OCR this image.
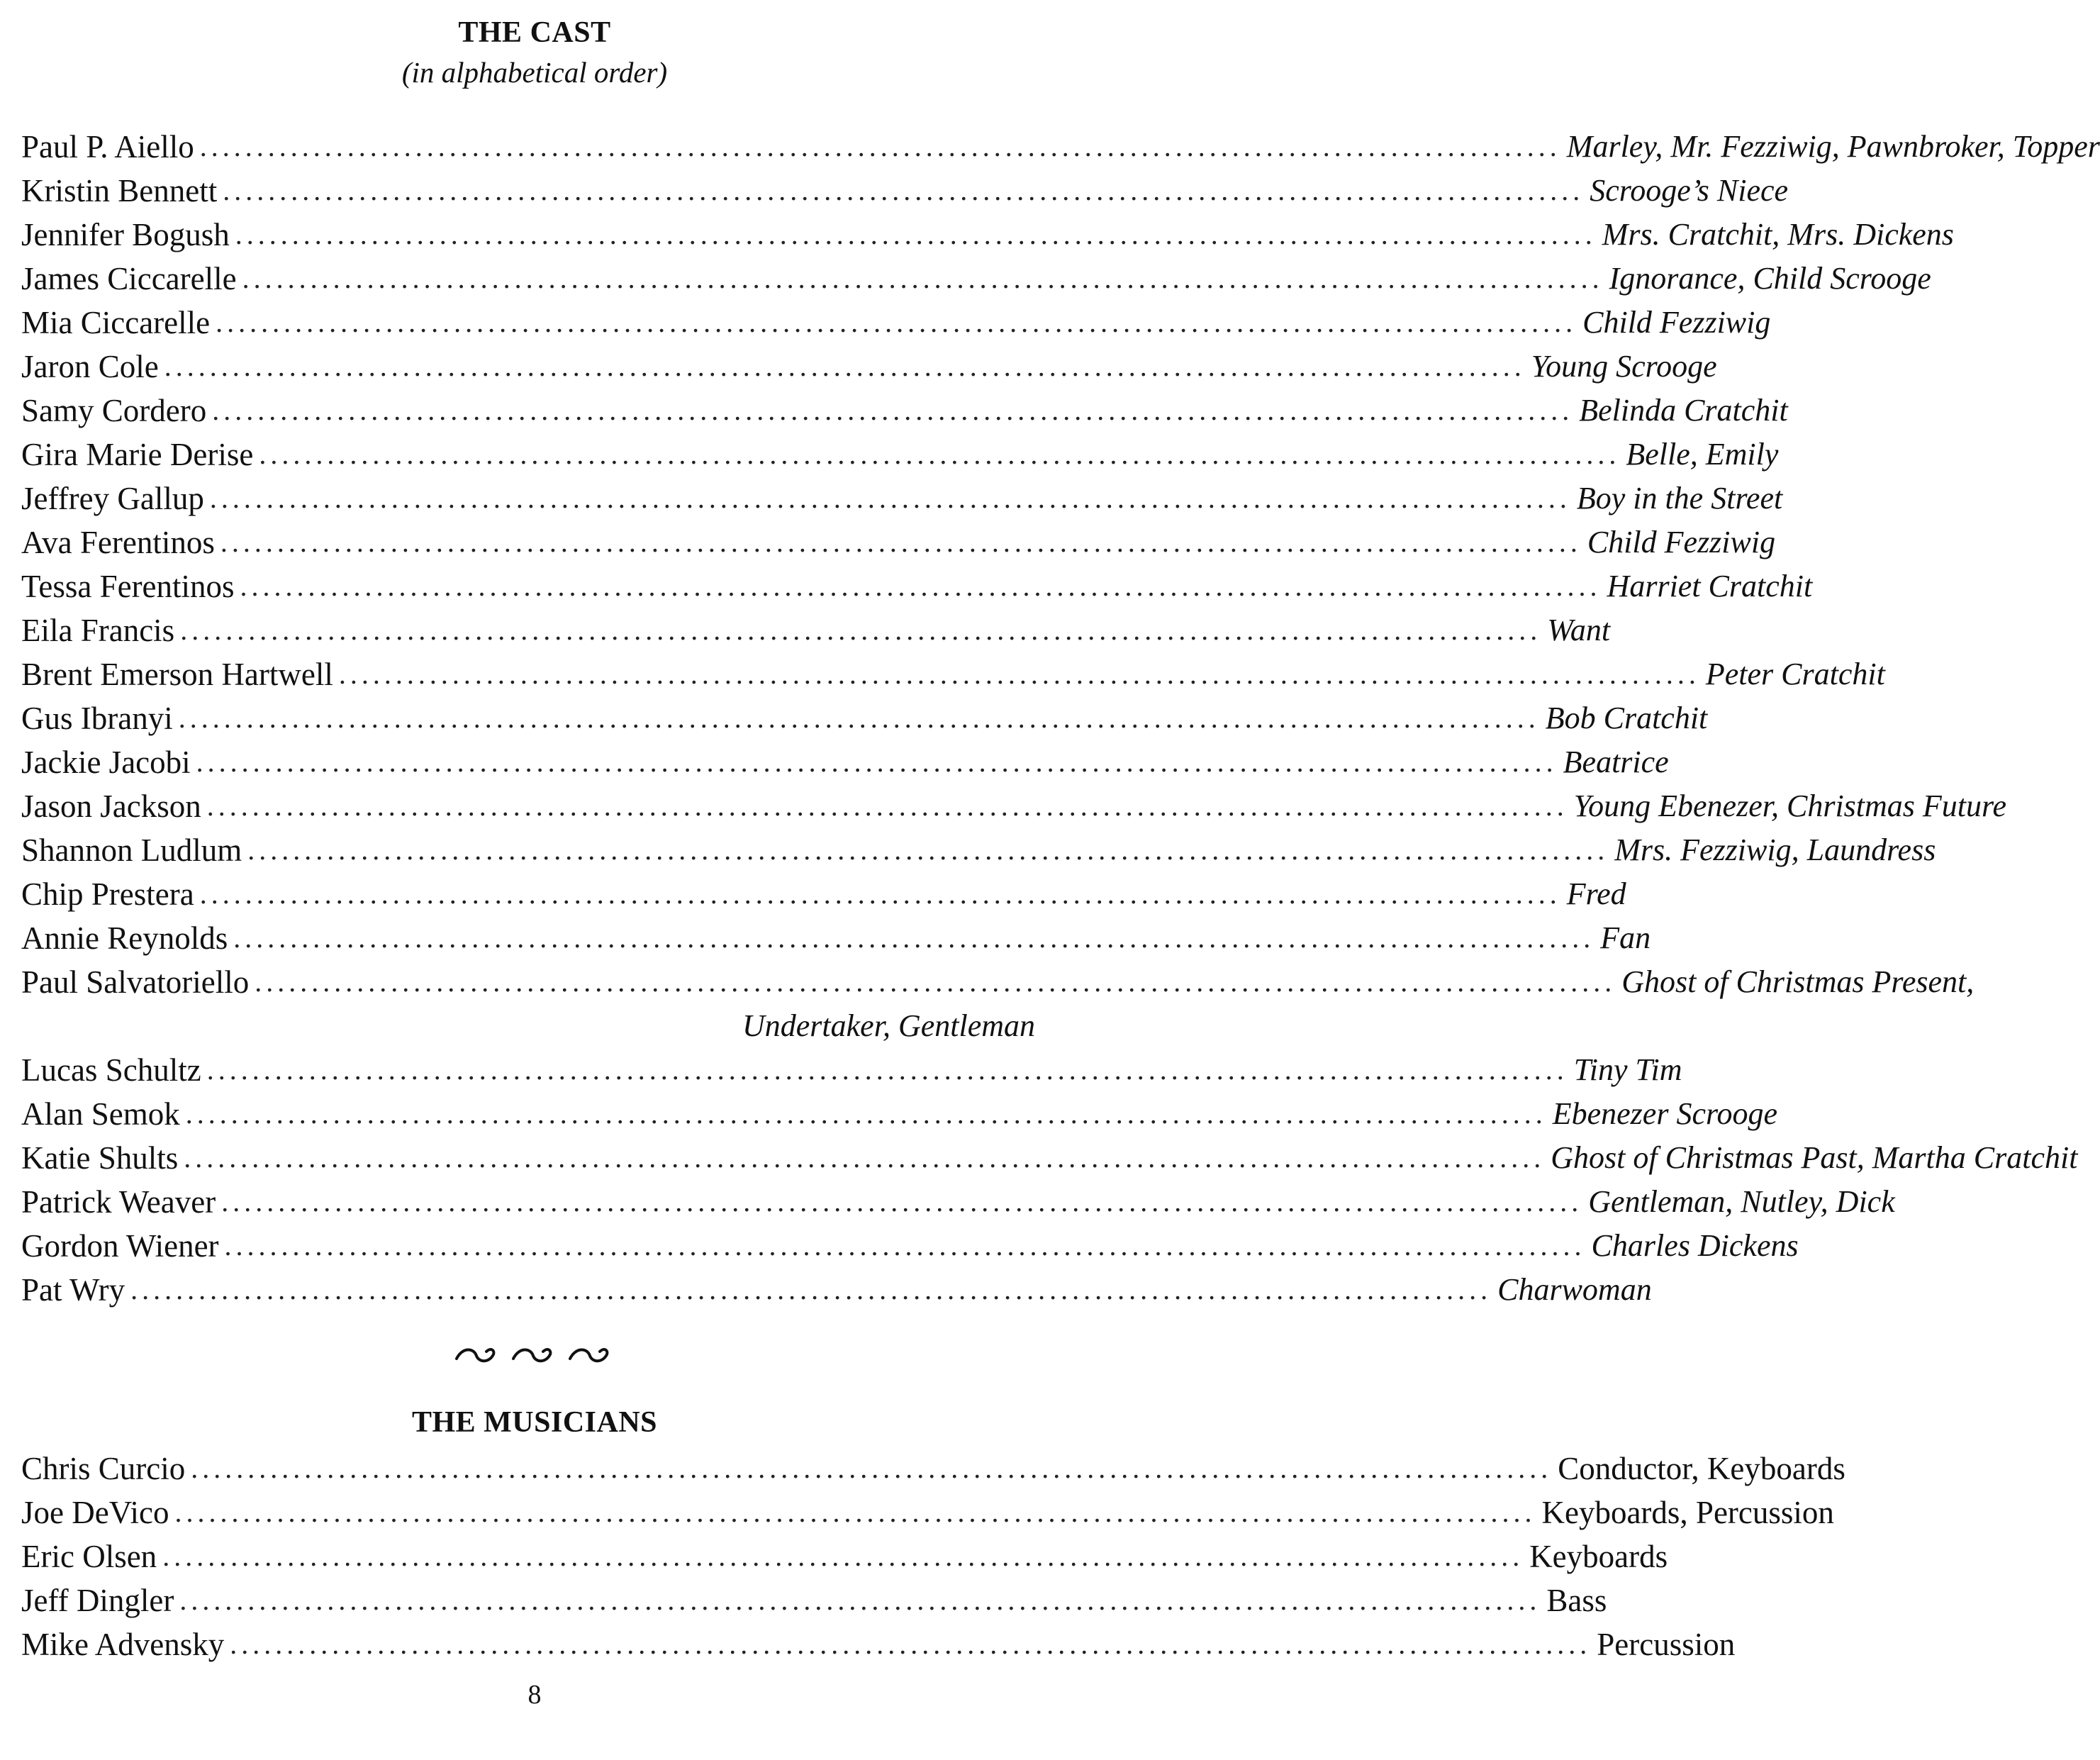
THE CAST
(in alphabetical order)
Paul P. Aiello ........................................................................................................................ Marley, Mr. Fezziwig, Pawnbroker, Topper
Kristin Bennett ........................................................................................................................ Scrooge’s Niece
Jennifer Bogush ........................................................................................................................ Mrs. Cratchit, Mrs. Dickens
James Ciccarelle ........................................................................................................................ Ignorance, Child Scrooge
Mia Ciccarelle ........................................................................................................................ Child Fezziwig
Jaron Cole ........................................................................................................................ Young Scrooge
Samy Cordero ........................................................................................................................ Belinda Cratchit
Gira Marie Derise ........................................................................................................................ Belle, Emily
Jeffrey Gallup ........................................................................................................................ Boy in the Street
Ava Ferentinos ........................................................................................................................ Child Fezziwig
Tessa Ferentinos ........................................................................................................................ Harriet Cratchit
Eila Francis ........................................................................................................................ Want
Brent Emerson Hartwell ........................................................................................................................ Peter Cratchit
Gus Ibranyi ........................................................................................................................ Bob Cratchit
Jackie Jacobi ........................................................................................................................ Beatrice
Jason Jackson ........................................................................................................................ Young Ebenezer, Christmas Future
Shannon Ludlum ........................................................................................................................ Mrs. Fezziwig, Laundress
Chip Prestera ........................................................................................................................ Fred
Annie Reynolds ........................................................................................................................ Fan
Paul Salvatoriello ........................................................................................................................ Ghost of Christmas Present,
Undertaker, Gentleman
Lucas Schultz ........................................................................................................................ Tiny Tim
Alan Semok ........................................................................................................................ Ebenezer Scrooge
Katie Shults ........................................................................................................................ Ghost of Christmas Past, Martha Cratchit
Patrick Weaver ........................................................................................................................ Gentleman, Nutley, Dick
Gordon Wiener ........................................................................................................................ Charles Dickens
Pat Wry ........................................................................................................................ Charwoman
THE MUSICIANS
Chris Curcio ........................................................................................................................ Conductor, Keyboards
Joe DeVico ........................................................................................................................ Keyboards, Percussion
Eric Olsen ........................................................................................................................ Keyboards
Jeff Dingler ........................................................................................................................ Bass
Mike Advensky ........................................................................................................................ Percussion
8
